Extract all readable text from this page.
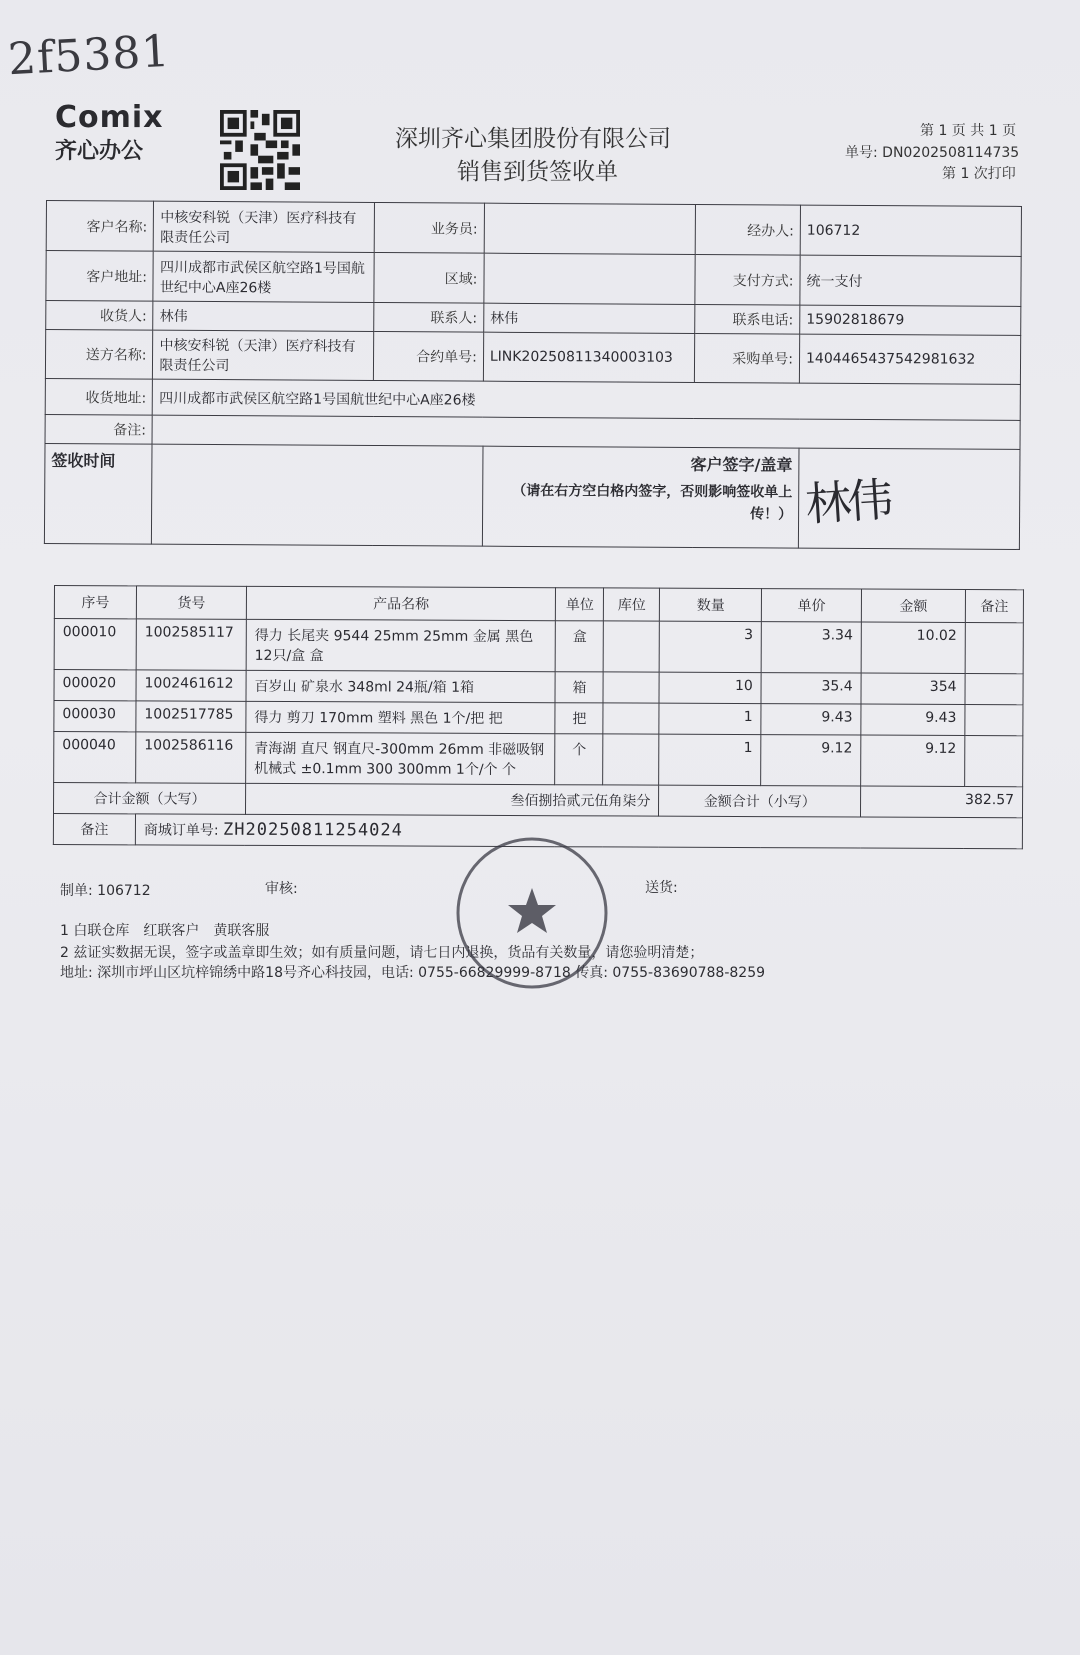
2f5381
Comix
齐心办公	深圳齐心集团股份有限公司
销售到货签收单
第 1 页 共 1 页
单号: DN0202508114735
第 1 次打印
客户名称:	中核安科锐（天津）医疗科技有限责任公司	业务员:		经办人:	106712
客户地址:	四川成都市武侯区航空路1号国航世纪中心A座26楼	区域:		支付方式:	统一支付
收货人:	林伟	联系人:	林伟	联系电话:	15902818679
送方名称:	中核安科锐（天津）医疗科技有限责任公司	合约单号:	LINK20250811340003103	采购单号:	1404465437542981632
收货地址:	四川成都市武侯区航空路1号国航世纪中心A座26楼				
备注:					
签收时间			客户签字/盖章
（请在右方空白格内签字，否则影响签收单上传！）		林伟
序号	货号	产品名称	单位	库位	数量	单价	金额	备注
000010	1002585117	得力 长尾夹 9544 25mm 25mm 金属 黑色 12只/盒 盒	盒		3	3.34	10.02	
000020	1002461612	百岁山 矿泉水 348ml 24瓶/箱 1箱	箱		10	35.4	354	
000030	1002517785	得力 剪刀 170mm 塑料 黑色 1个/把 把	把		1	9.43	9.43	
000040	1002586116	青海湖 直尺 钢直尺-300mm 26mm 非磁吸钢 机械式 ±0.1mm 300 300mm 1个/个 个	个		1	9.12	9.12	
合计金额（大写）		叁佰捌拾贰元伍角柒分			金额合计（小写）		382.57	
备注	商城订单号: ZH20250811254024							
制单: 106712	审核:	送货:
1 白联仓库　红联客户　黄联客服
2 兹证实数据无误，签字或盖章即生效；如有质量问题，请七日内退换，货品有关数量，请您验明清楚；
地址: 深圳市坪山区坑梓锦绣中路18号齐心科技园，电话: 0755-66829999-8718 传真: 0755-83690788-8259
